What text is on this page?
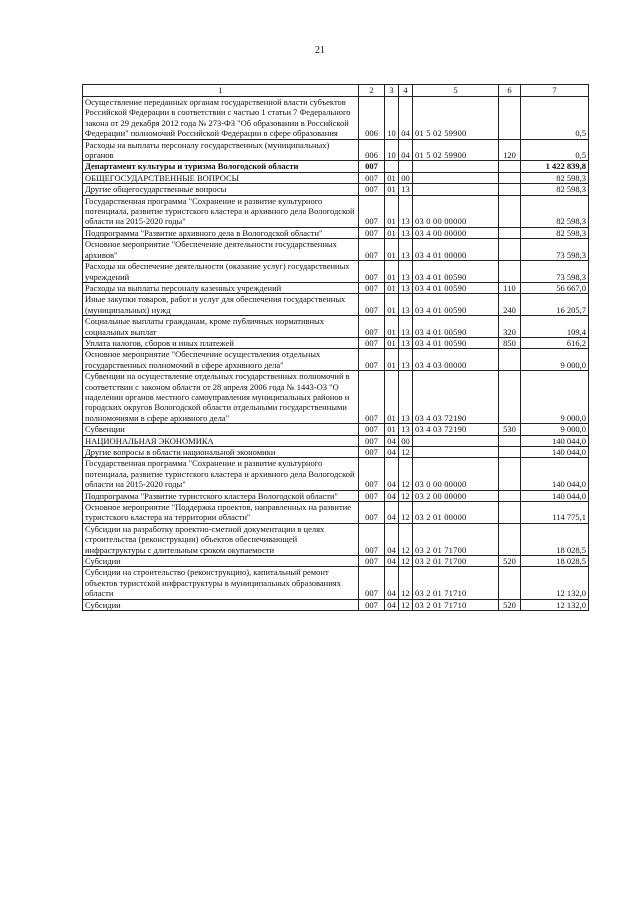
21
1	2	3	4	5	6	7
Осуществление переданных органам государственной власти субъектов Российской Федерации в соответствии с частью 1 статьи 7 Федерального закона от 29 декабря 2012 года № 273-ФЗ "Об образовании в Российской Федерации" полномочий Российской Федерации в сфере образования	006	10	04	01 5 02 59900		0,5
Расходы на выплаты персоналу государственных (муниципальных) органов	006	10	04	01 5 02 59900	120	0,5
Департамент культуры и туризма Вологодской области	007					1 422 839,8
ОБЩЕГОСУДАРСТВЕННЫЕ ВОПРОСЫ	007	01	00			82 598,3
Другие общегосударственные вопросы	007	01	13			82 598,3
Государственная программа "Сохранение и развитие культурного потенциала, развитие туристского кластера и архивного дела Вологодской области на 2015-2020 годы"	007	01	13	03 0 00 00000		82 598,3
Подпрограмма "Развитие архивного дела в Вологодской области"	007	01	13	03 4 00 00000		82 598,3
Основное мероприятие "Обеспечение деятельности государственных архивов"	007	01	13	03 4 01 00000		73 598,3
Расходы на обеспечение деятельности (оказание услуг) государственных учреждений	007	01	13	03 4 01 00590		73 598,3
Расходы на выплаты персоналу казенных учреждений	007	01	13	03 4 01 00590	110	56 667,0
Иные закупки товаров, работ и услуг для обеспечения государственных (муниципальных) нужд	007	01	13	03 4 01 00590	240	16 205,7
Социальные выплаты гражданам, кроме публичных нормативных социальных выплат	007	01	13	03 4 01 00590	320	109,4
Уплата налогов, сборов и иных платежей	007	01	13	03 4 01 00590	850	616,2
Основное мероприятие "Обеспечение осуществления отдельных государственных полномочий в сфере архивного дела"	007	01	13	03 4 03 00000		9 000,0
Субвенции на осуществление отдельных государственных полномочий в соответствии с законом области от 28 апреля 2006 года № 1443-ОЗ "О наделении органов местного самоуправления муниципальных районов и городских округов Вологодской области отдельными государственными полномочиями в сфере архивного дела"	007	01	13	03 4 03 72190		9 000,0
Субвенции	007	01	13	03 4 03 72190	530	9 000,0
НАЦИОНАЛЬНАЯ ЭКОНОМИКА	007	04	00			140 044,0
Другие вопросы в области национальной экономики	007	04	12			140 044,0
Государственная программа "Сохранение и развитие культурного потенциала, развитие туристского кластера и архивного дела Вологодской области на 2015-2020 годы"	007	04	12	03 0 00 00000		140 044,0
Подпрограмма "Развитие туристского кластера Вологодской области"	007	04	12	03 2 00 00000		140 044,0
Основное мероприятие "Поддержка проектов, направленных на развитие туристского кластера на территории области"	007	04	12	03 2 01 00000		114 775,1
Субсидии на разработку проектно-сметной документации в целях строительства (реконструкции) объектов обеспечивающей инфраструктуры с длительным сроком окупаемости	007	04	12	03 2 01 71700		18 028,5
Субсидии	007	04	12	03 2 01 71700	520	18 028,5
Субсидии на строительство (реконструкцию), капитальный ремонт объектов туристской инфраструктуры в муниципальных образованиях области	007	04	12	03 2 01 71710		12 132,0
Субсидии	007	04	12	03 2 01 71710	520	12 132,0
